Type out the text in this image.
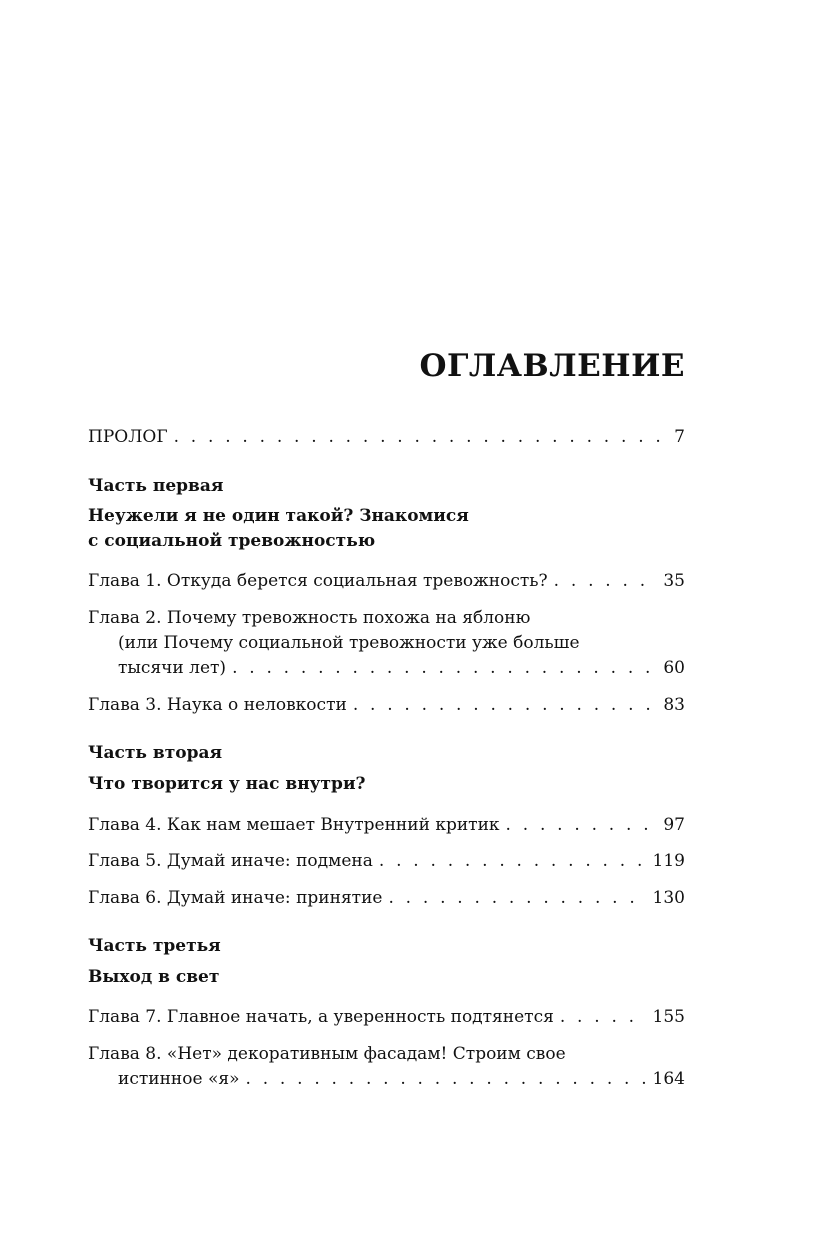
ОГЛАВЛЕНИЕ
ПРОЛОГ . . .	7
Часть первая
Неужели я не один такой? Знакомися
с социальной тревожностью
Глава 1. Откуда берется социальная тревожность? . . .	35
Глава 2. Почему тревожность похожа на яблоню
(или Почему социальной тревожности уже больше
тысячи лет) . . .	60
Глава 3. Наука о неловкости . . .	83
Часть вторая
Что творится у нас внутри?
Глава 4. Как нам мешает Внутренний критик . . .	97
Глава 5. Думай иначе: подмена . . .	119
Глава 6. Думай иначе: принятие . . .	130
Часть третья
Выход в свет
Глава 7. Главное начать, а уверенность подтянется . . .	155
Глава 8. «Нет» декоративным фасадам! Строим свое
истинное «я» . . .	164
